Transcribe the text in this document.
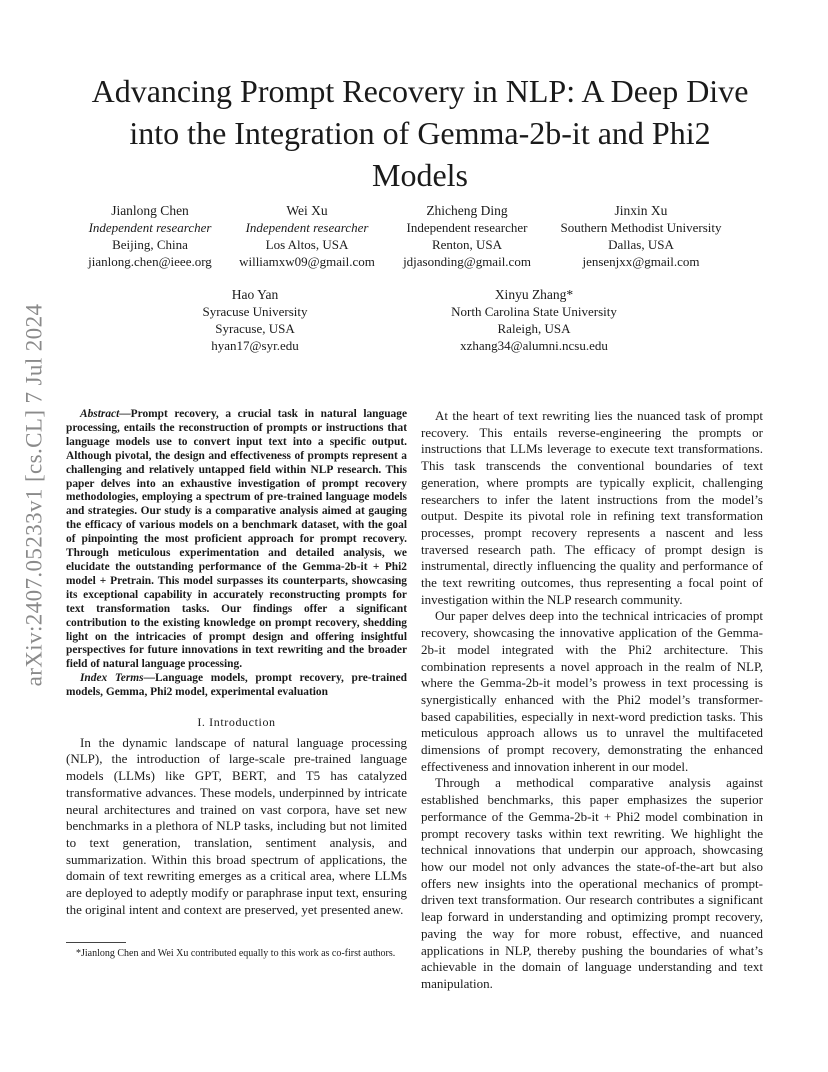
arXiv:2407.05233v1 [cs.CL] 7 Jul 2024
Advancing Prompt Recovery in NLP: A Deep Dive
into the Integration of Gemma-2b-it and Phi2
Models
Jianlong Chen
Independent researcher
Beijing, China
jianlong.chen@ieee.org
Wei Xu
Independent researcher
Los Altos, USA
williamxw09@gmail.com
Zhicheng Ding
Independent researcher
Renton, USA
jdjasonding@gmail.com
Jinxin Xu
Southern Methodist University
Dallas, USA
jensenjxx@gmail.com
Hao Yan
Syracuse University
Syracuse, USA
hyan17@syr.edu
Xinyu Zhang*
North Carolina State University
Raleigh, USA
xzhang34@alumni.ncsu.edu

Abstract—Prompt recovery, a crucial task in natural language processing, entails the reconstruction of prompts or instructions that language models use to convert input text into a specific output. Although pivotal, the design and effectiveness of prompts represent a challenging and relatively untapped field within NLP research. This paper delves into an exhaustive investigation of prompt recovery methodologies, employing a spectrum of pre-trained language models and strategies. Our study is a comparative analysis aimed at gauging the efficacy of various models on a benchmark dataset, with the goal of pinpointing the most proficient approach for prompt recovery. Through meticulous experimentation and detailed analysis, we elucidate the outstanding performance of the Gemma-2b-it + Phi2 model + Pretrain. This model surpasses its counterparts, showcasing its exceptional capability in accurately reconstructing prompts for text transformation tasks. Our findings offer a significant contribution to the existing knowledge on prompt recovery, shedding light on the intricacies of prompt design and offering insightful perspectives for future innovations in text rewriting and the broader field of natural language processing.

Index Terms—Language models, prompt recovery, pre-trained models, Gemma, Phi2 model, experimental evaluation

I. Introduction

In the dynamic landscape of natural language processing (NLP), the introduction of large-scale pre-trained language models (LLMs) like GPT, BERT, and T5 has catalyzed transformative advances. These models, underpinned by intricate neural architectures and trained on vast corpora, have set new benchmarks in a plethora of NLP tasks, including but not limited to text generation, translation, sentiment analysis, and summarization. Within this broad spectrum of applications, the domain of text rewriting emerges as a critical area, where LLMs are deployed to adeptly modify or paraphrase input text, ensuring the original intent and context are preserved, yet presented anew.

*Jianlong Chen and Wei Xu contributed equally to this work as co-first authors.

At the heart of text rewriting lies the nuanced task of prompt recovery. This entails reverse-engineering the prompts or instructions that LLMs leverage to execute text transformations. This task transcends the conventional boundaries of text generation, where prompts are typically explicit, challenging researchers to infer the latent instructions from the model’s output. Despite its pivotal role in refining text transformation processes, prompt recovery represents a nascent and less traversed research path. The efficacy of prompt design is instrumental, directly influencing the quality and performance of the text rewriting outcomes, thus representing a focal point of investigation within the NLP research community.

Our paper delves deep into the technical intricacies of prompt recovery, showcasing the innovative application of the Gemma-2b-it model integrated with the Phi2 architecture. This combination represents a novel approach in the realm of NLP, where the Gemma-2b-it model’s prowess in text processing is synergistically enhanced with the Phi2 model’s transformer-based capabilities, especially in next-word prediction tasks. This meticulous approach allows us to unravel the multifaceted dimensions of prompt recovery, demonstrating the enhanced effectiveness and innovation inherent in our model.

Through a methodical comparative analysis against established benchmarks, this paper emphasizes the superior performance of the Gemma-2b-it + Phi2 model combination in prompt recovery tasks within text rewriting. We highlight the technical innovations that underpin our approach, showcasing how our model not only advances the state-of-the-art but also offers new insights into the operational mechanics of prompt-driven text transformation. Our research contributes a significant leap forward in understanding and optimizing prompt recovery, paving the way for more robust, effective, and nuanced applications in NLP, thereby pushing the boundaries of what’s achievable in the domain of language understanding and text manipulation.
